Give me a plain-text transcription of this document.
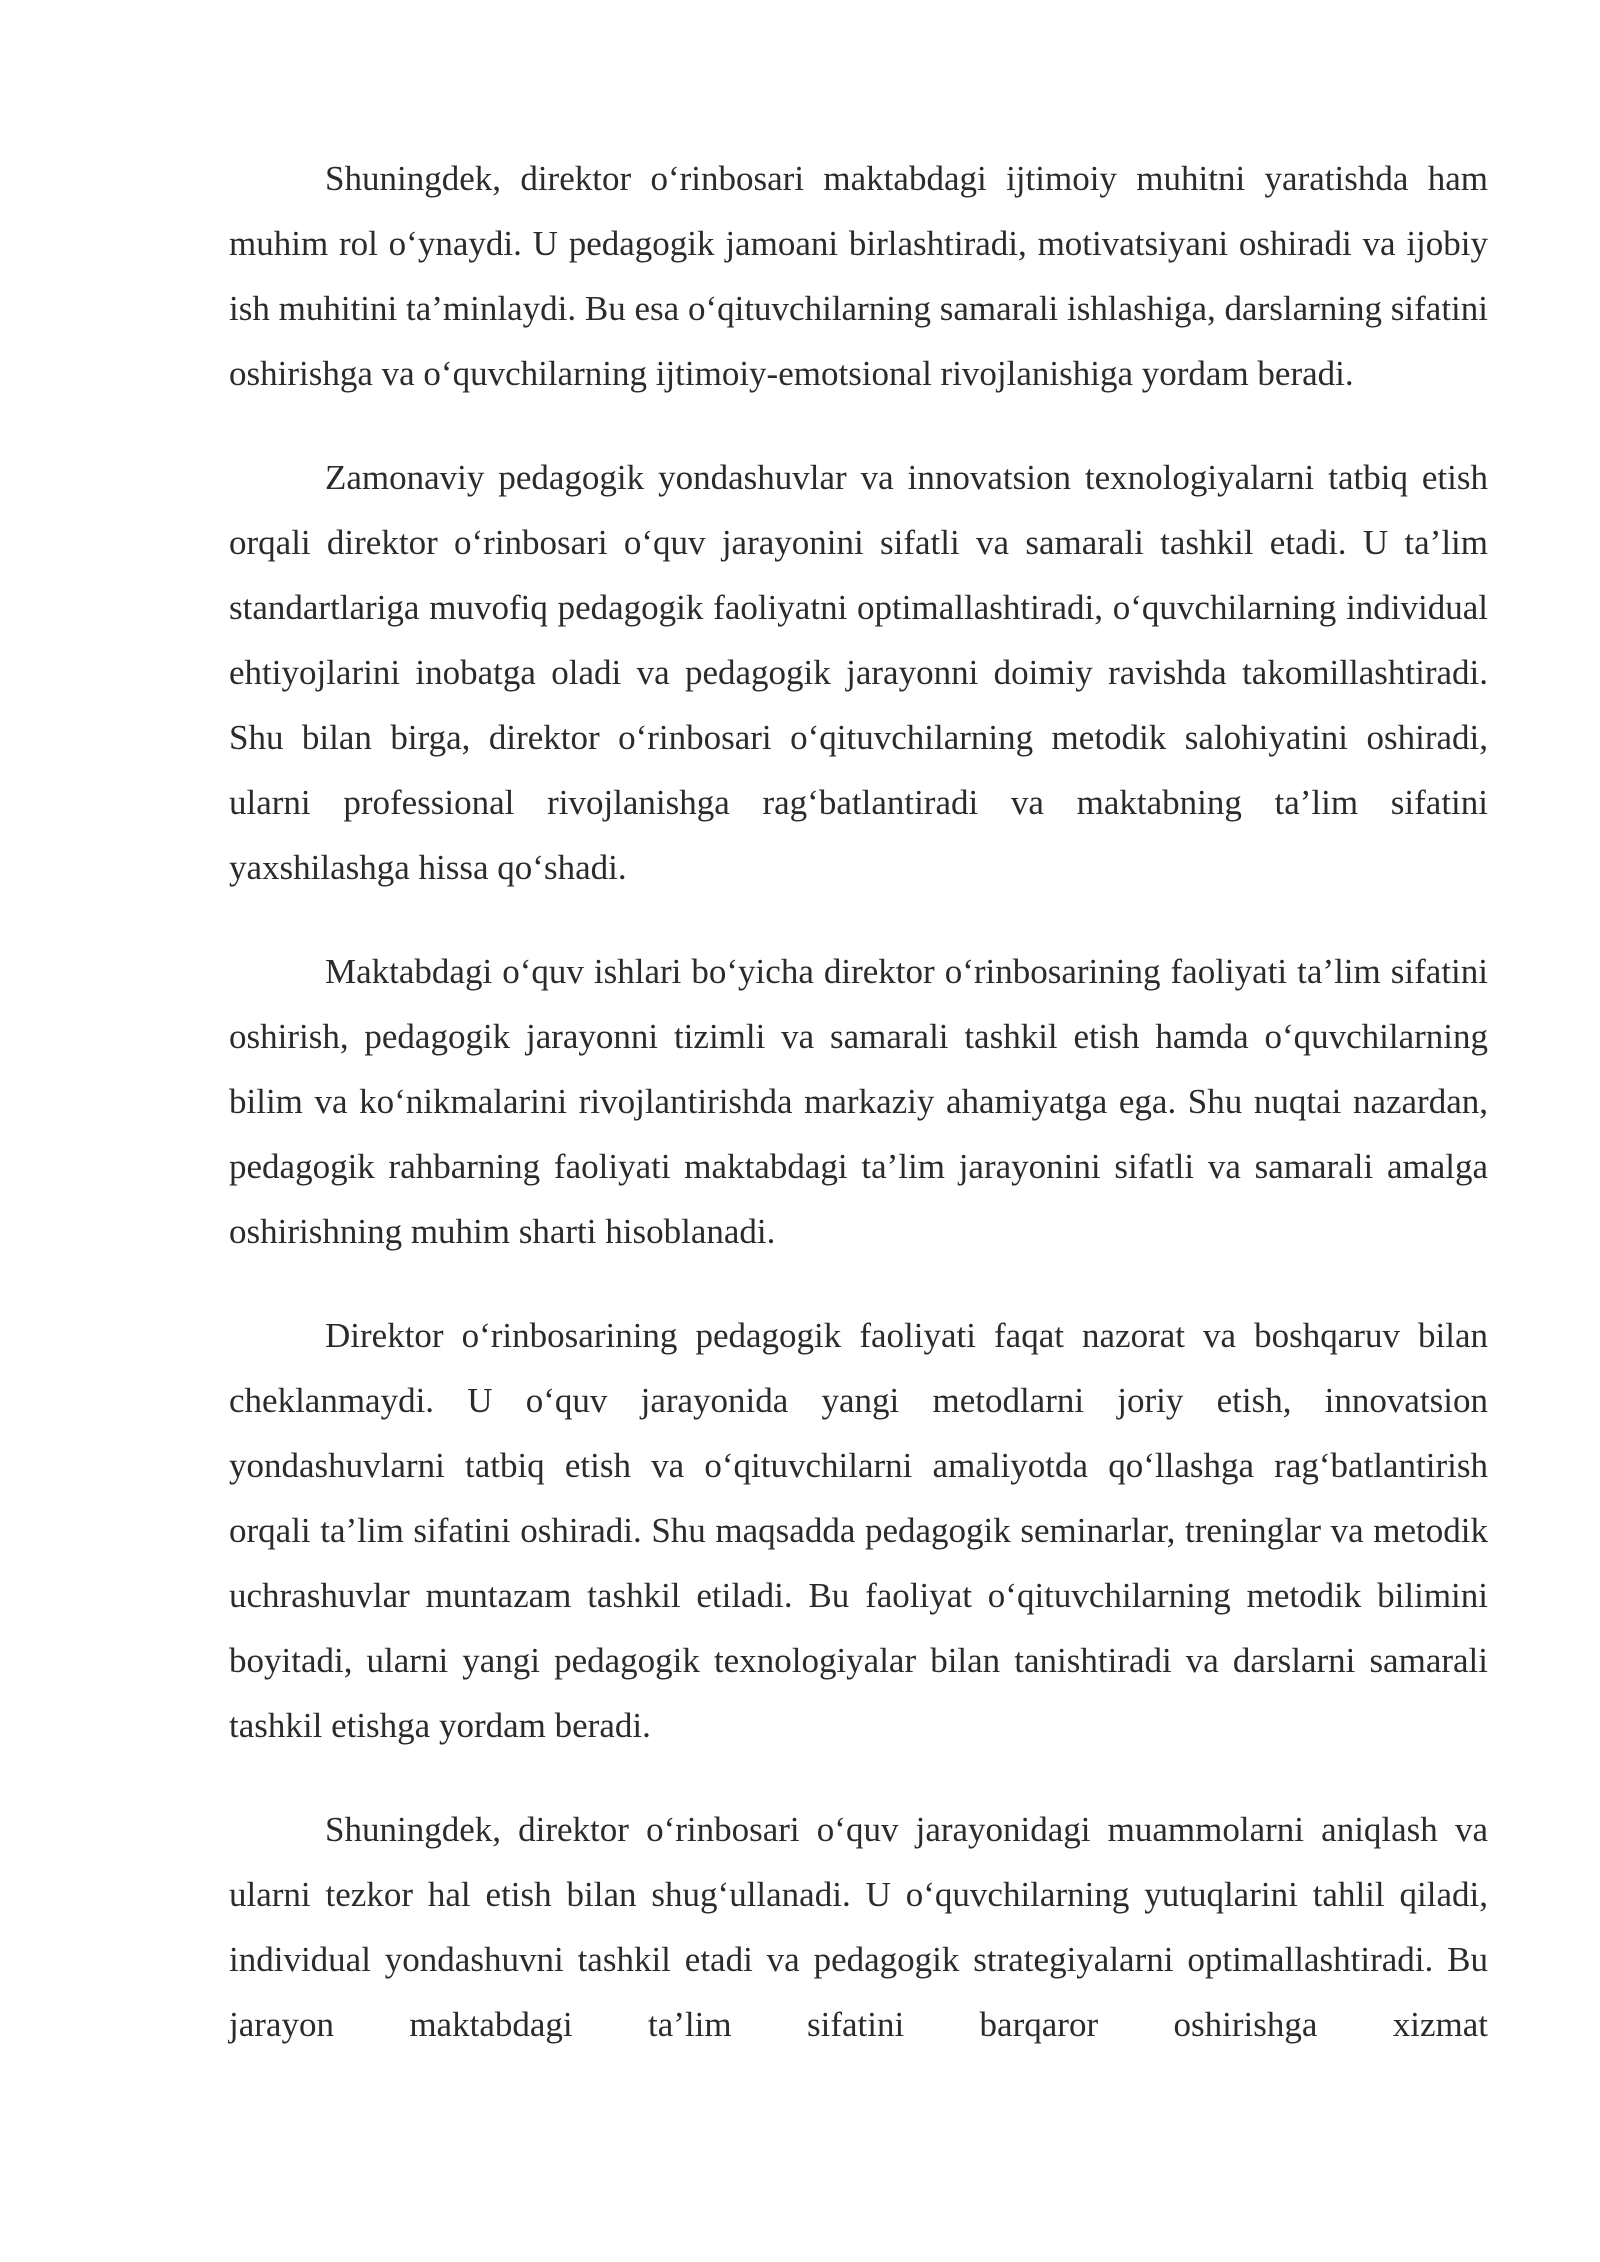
Shuningdek, direktor o‘rinbosari maktabdagi ijtimoiy muhitni yaratishda ham muhim rol o‘ynaydi. U pedagogik jamoani birlashtiradi, motivatsiyani oshiradi va ijobiy ish muhitini ta’minlaydi. Bu esa o‘qituvchilarning samarali ishlashiga, darslarning sifatini oshirishga va o‘quvchilarning ijtimoiy-emotsional rivojlanishiga yordam beradi.

Zamonaviy pedagogik yondashuvlar va innovatsion texnologiyalarni tatbiq etish orqali direktor o‘rinbosari o‘quv jarayonini sifatli va samarali tashkil etadi. U ta’lim standartlariga muvofiq pedagogik faoliyatni optimallashtiradi, o‘quvchilarning individual ehtiyojlarini inobatga oladi va pedagogik jarayonni doimiy ravishda takomillashtiradi. Shu bilan birga, direktor o‘rinbosari o‘qituvchilarning metodik salohiyatini oshiradi, ularni professional rivojlanishga rag‘batlantiradi va maktabning ta’lim sifatini yaxshilashga hissa qo‘shadi.

Maktabdagi o‘quv ishlari bo‘yicha direktor o‘rinbosarining faoliyati ta’lim sifatini oshirish, pedagogik jarayonni tizimli va samarali tashkil etish hamda o‘quvchilarning bilim va ko‘nikmalarini rivojlantirishda markaziy ahamiyatga ega. Shu nuqtai nazardan, pedagogik rahbarning faoliyati maktabdagi ta’lim jarayonini sifatli va samarali amalga oshirishning muhim sharti hisoblanadi.

Direktor o‘rinbosarining pedagogik faoliyati faqat nazorat va boshqaruv bilan cheklanmaydi. U o‘quv jarayonida yangi metodlarni joriy etish, innovatsion yondashuvlarni tatbiq etish va o‘qituvchilarni amaliyotda qo‘llashga rag‘batlantirish orqali ta’lim sifatini oshiradi. Shu maqsadda pedagogik seminarlar, treninglar va metodik uchrashuvlar muntazam tashkil etiladi. Bu faoliyat o‘qituvchilarning metodik bilimini boyitadi, ularni yangi pedagogik texnologiyalar bilan tanishtiradi va darslarni samarali tashkil etishga yordam beradi.

Shuningdek, direktor o‘rinbosari o‘quv jarayonidagi muammolarni aniqlash va ularni tezkor hal etish bilan shug‘ullanadi. U o‘quvchilarning yutuqlarini tahlil qiladi, individual yondashuvni tashkil etadi va pedagogik strategiyalarni optimallashtiradi. Bu jarayon maktabdagi ta’lim sifatini barqaror oshirishga xizmat
